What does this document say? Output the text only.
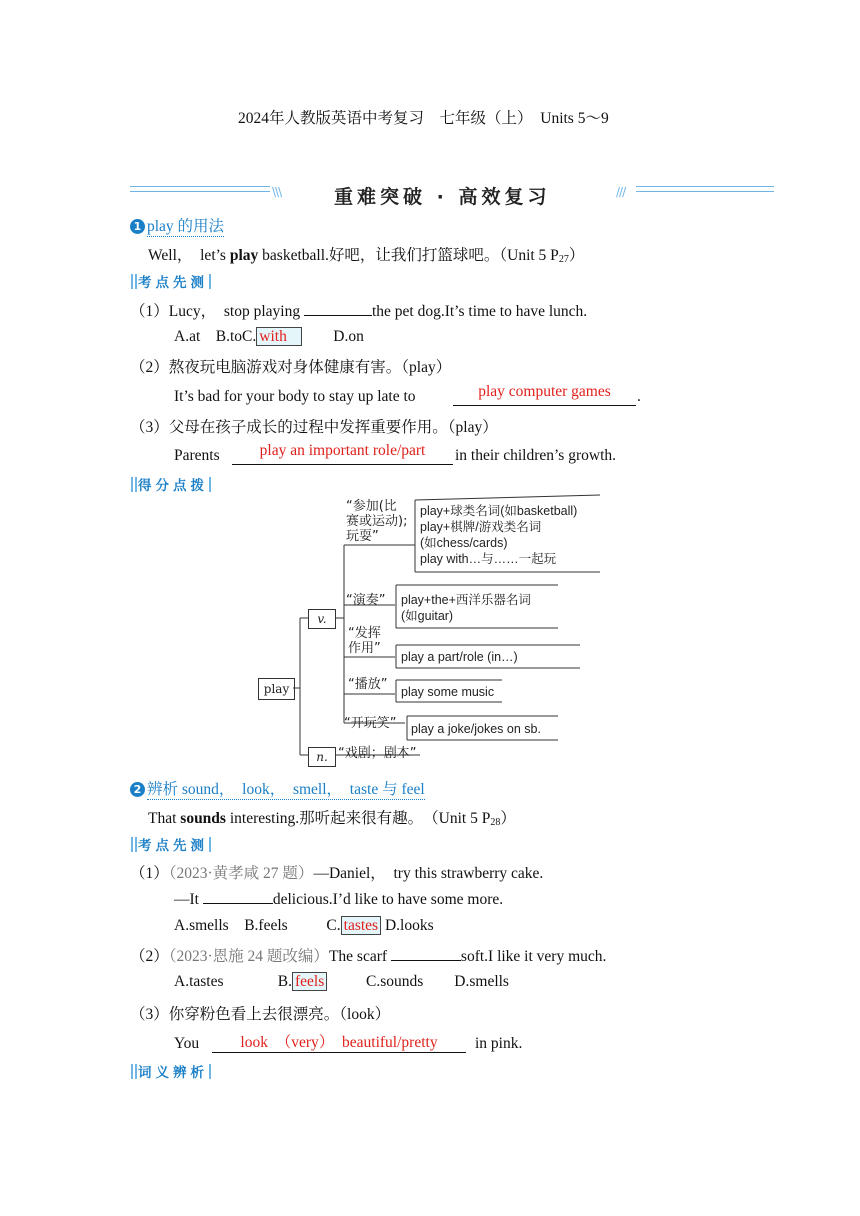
2024年人教版英语中考复习　七年级（上）　Units 5～9
\\\	重难突破 · 高效复习	///
1 play 的用法
Well，　let’s play basketball.好吧，让我们打篮球吧。（Unit 5 $P_{27}$）
考点先测
（1）Lucy，　stop playing	the pet dog.It’s time to have lunch.
A.at  B.toC. with  	D.on
（2）熬夜玩电脑游戏对身体健康有害。（play）
It’s bad for your body to stay up late to	play computer games	.
（3）父母在孩子成长的过程中发挥重要作用。（play）
Parents	play an important role/part	in their children’s growth.
得分点拨
play
v.
n. “戏剧；剧本”
“参加(比
赛或运动);
玩耍”
play+球类名词(如basketball)
play+棋牌/游戏类名词
(如chess/cards)
play with…与……一起玩
“演奏” play+the+西洋乐器名词
(如guitar)
“发挥
作用”
play a part/role (in…)
“播放” play some music
“开玩笑” play a joke/jokes on sb.
2 辨析 sound，　look，　smell，　taste 与 feel
That sounds interesting.那听起来很有趣。　（Unit 5 $P_{28}$）
考点先测
（1）（2023·黄孝咸 27 题）—Daniel，　try this strawberry cake.
—It	delicious.I’d like to have some more.
A.smells  B.feels   	C. tastes  D.looks
（2）（2023·恩施 24 题改编）The scarf	soft.I like it very much.
A.tastes    	B. feels   	C.sounds   D.smells
（3）你穿粉色看上去很漂亮。（look）
You	look　（very）　beautiful/pretty	in pink.
词义辨析
